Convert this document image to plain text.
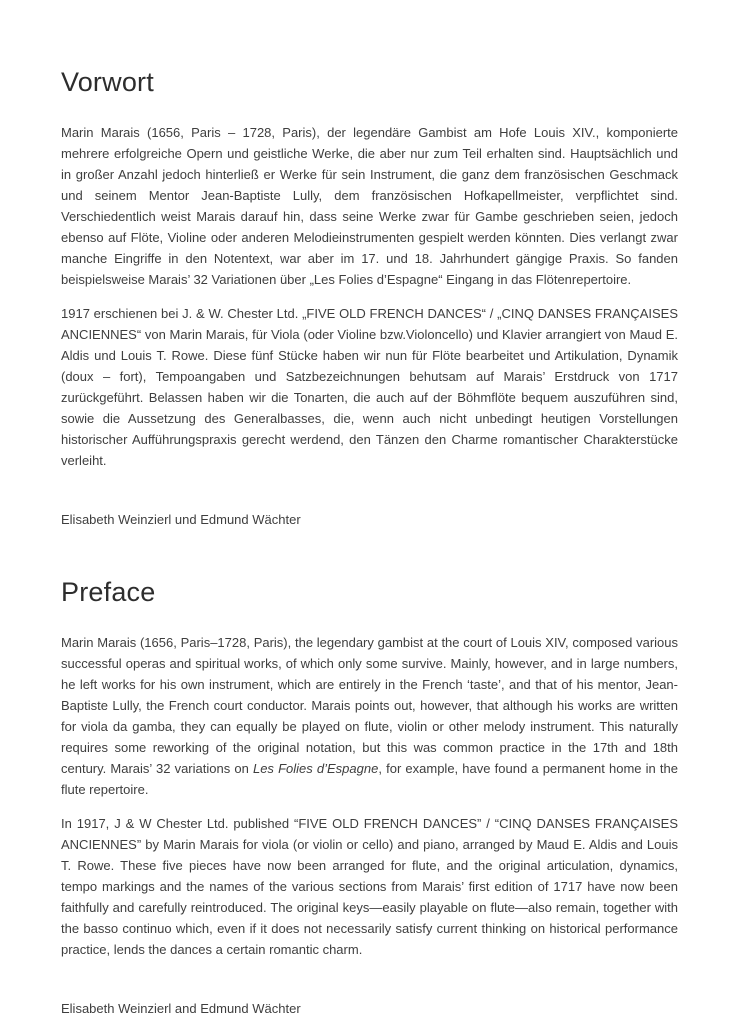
Vorwort

Marin Marais (1656, Paris – 1728, Paris), der legendäre Gambist am Hofe Louis XIV., komponierte mehrere erfolgreiche Opern und geistliche Werke, die aber nur zum Teil erhalten sind. Hauptsächlich und in großer Anzahl jedoch hinterließ er Werke für sein Instrument, die ganz dem französischen Geschmack und seinem Mentor Jean-Baptiste Lully, dem französischen Hofkapellmeister, verpflichtet sind. Verschiedentlich weist Marais darauf hin, dass seine Werke zwar für Gambe geschrieben seien, jedoch ebenso auf Flöte, Violine oder anderen Melodieinstrumenten gespielt werden könnten. Dies verlangt zwar manche Eingriffe in den Notentext, war aber im 17. und 18. Jahrhundert gängige Praxis. So fanden beispielsweise Marais’ 32 Variationen über „Les Folies d’Espagne“ Eingang in das Flötenrepertoire.

1917 erschienen bei J. & W. Chester Ltd. „FIVE OLD FRENCH DANCES“ / „CINQ DANSES FRANÇAISES ANCIENNES“ von Marin Marais, für Viola (oder Violine bzw.Violoncello) und Klavier arrangiert von Maud E. Aldis und Louis T. Rowe. Diese fünf Stücke haben wir nun für Flöte bearbeitet und Artikulation, Dynamik (doux – fort), Tempoangaben und Satzbezeichnungen behutsam auf Marais’ Erstdruck von 1717 zurückgeführt. Belassen haben wir die Tonarten, die auch auf der Böhmflöte bequem auszuführen sind, sowie die Aussetzung des Generalbasses, die, wenn auch nicht unbedingt heutigen Vorstellungen historischer Aufführungspraxis gerecht werdend, den Tänzen den Charme romantischer Charakterstücke verleiht.

Elisabeth Weinzierl und Edmund Wächter

Preface

Marin Marais (1656, Paris–1728, Paris), the legendary gambist at the court of Louis XIV, composed various successful operas and spiritual works, of which only some survive. Mainly, however, and in large numbers, he left works for his own instrument, which are entirely in the French ‘taste’, and that of his mentor, Jean-Baptiste Lully, the French court conductor. Marais points out, however, that although his works are written for viola da gamba, they can equally be played on flute, violin or other melody instrument. This naturally requires some reworking of the original notation, but this was common practice in the 17th and 18th century. Marais’ 32 variations on Les Folies d’Espagne, for example, have found a permanent home in the flute repertoire.

In 1917, J & W Chester Ltd. published “FIVE OLD FRENCH DANCES” / “CINQ DANSES FRANÇAISES ANCIENNES” by Marin Marais for viola (or violin or cello) and piano, arranged by Maud E. Aldis and Louis T. Rowe. These five pieces have now been arranged for flute, and the original articulation, dynamics, tempo markings and the names of the various sections from Marais’ first edition of 1717 have now been faithfully and carefully reintroduced. The original keys—easily playable on flute—also remain, together with the basso continuo which, even if it does not necessarily satisfy current thinking on historical performance practice, lends the dances a certain romantic charm.

Elisabeth Weinzierl and Edmund Wächter
